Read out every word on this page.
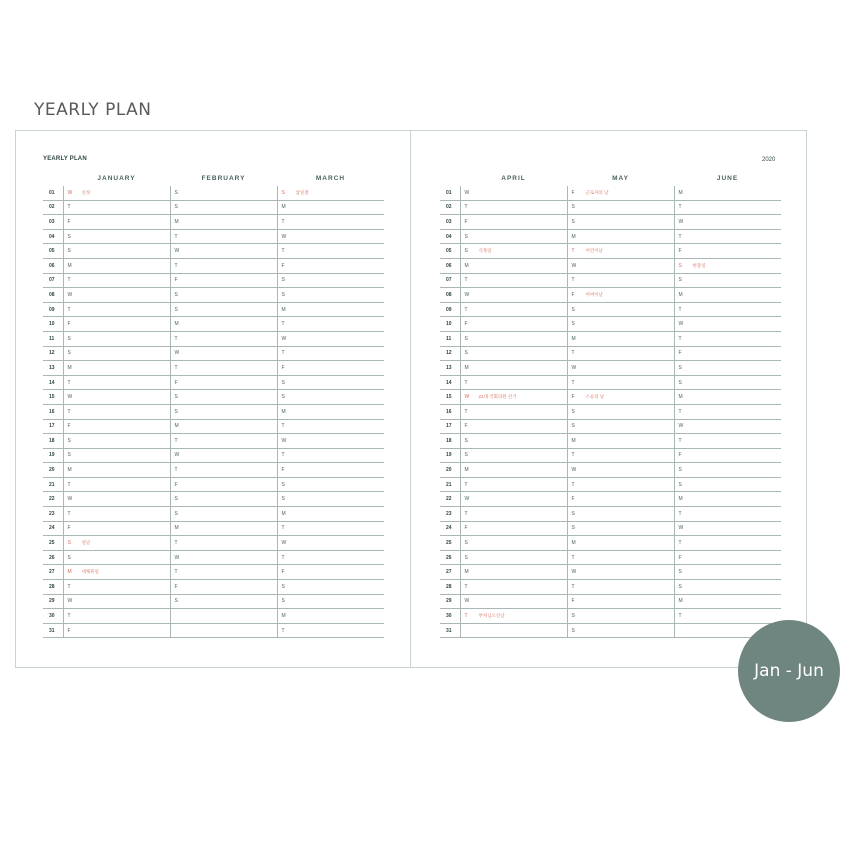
YEARLY PLAN
YEARLY PLAN	2020
	JANUARY	FEBRUARY	MARCH
01	W 신정	S	S 삼일절
02	T	S	M
03	F	M	T
04	S	T	W
05	S	W	T
06	M	T	F
07	T	F	S
08	W	S	S
09	T	S	M
10	F	M	T
11	S	T	W
12	S	W	T
13	M	T	F
14	T	F	S
15	W	S	S
16	T	S	M
17	F	M	T
18	S	T	W
19	S	W	T
20	M	T	F
21	T	F	S
22	W	S	S
23	T	S	M
24	F	M	T
25	S 설날	T	W
26	S	W	T
27	M 대체휴일	T	F
28	T	F	S
29	W	S	S
30	T		M
31	F		T
	APRIL	MAY	JUNE
01	W	F 근로자의 날	M
02	T	S	T
03	F	S	W
04	S	M	T
05	S 식목일	T 어린이날	F
06	M	W	S 현충일
07	T	T	S
08	W	F 어버이날	M
09	T	S	T
10	F	S	W
11	S	M	T
12	S	T	F
13	M	W	S
14	T	T	S
15	W 21대 국회의원 선거	F 스승의 날	M
16	T	S	T
17	F	S	W
18	S	M	T
19	S	T	F
20	M	W	S
21	T	T	S
22	W	F	M
23	T	S	T
24	F	S	W
25	S	M	T
26	S	T	F
27	M	W	S
28	T	T	S
29	W	F	M
30	T 부처님오신날	S	T
31		S	
Jan - Jun
